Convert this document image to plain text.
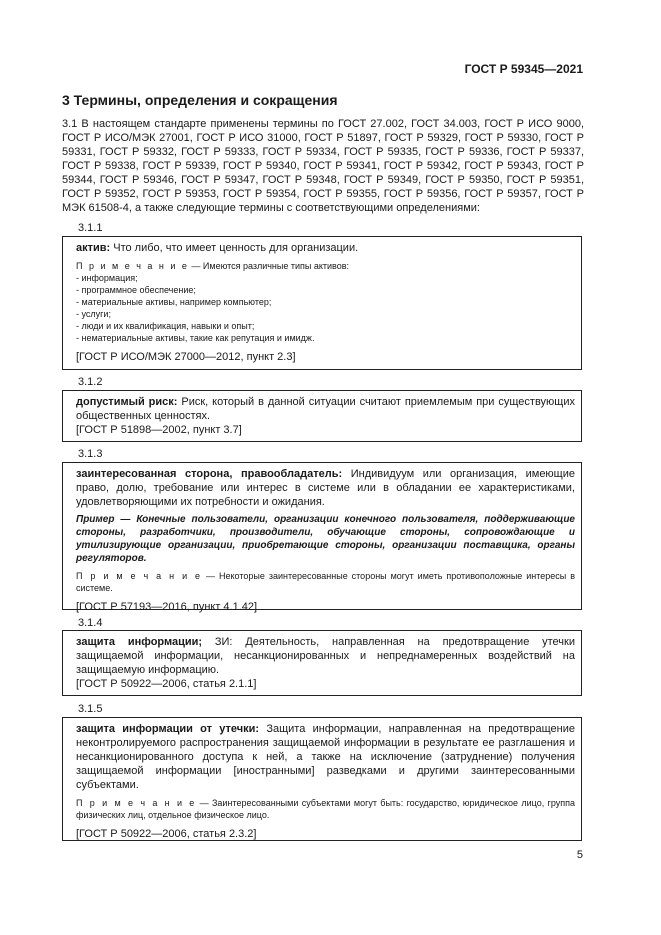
ГОСТ Р 59345—2021
3 Термины, определения и сокращения

3.1 В настоящем стандарте применены термины по ГОСТ 27.002, ГОСТ 34.003, ГОСТ Р ИСО 9000, ГОСТ Р ИСО/МЭК 27001, ГОСТ Р ИСО 31000, ГОСТ Р 51897, ГОСТ Р 59329, ГОСТ Р 59330, ГОСТ Р 59331, ГОСТ Р 59332, ГОСТ Р 59333, ГОСТ Р 59334, ГОСТ Р 59335, ГОСТ Р 59336, ГОСТ Р 59337, ГОСТ Р 59338, ГОСТ Р 59339, ГОСТ Р 59340, ГОСТ Р 59341, ГОСТ Р 59342, ГОСТ Р 59343, ГОСТ Р 59344, ГОСТ Р 59346, ГОСТ Р 59347, ГОСТ Р 59348, ГОСТ Р 59349, ГОСТ Р 59350, ГОСТ Р 59351, ГОСТ Р 59352, ГОСТ Р 59353, ГОСТ Р 59354, ГОСТ Р 59355, ГОСТ Р 59356, ГОСТ Р 59357, ГОСТ Р МЭК 61508-4, а также следующие термины с соответствующими определениями:

3.1.1

актив: Что либо, что имеет ценность для организации.

П р и м е ч а н и е — Имеются различные типы активов:

- информация;
- программное обеспечение;
- материальные активы, например компьютер;
- услуги;
- люди и их квалификация, навыки и опыт;
- нематериальные активы, такие как репутация и имидж.

[ГОСТ Р ИСО/МЭК 27000—2012, пункт 2.3]

3.1.2

допустимый риск: Риск, который в данной ситуации считают приемлемым при существующих общественных ценностях.

[ГОСТ Р 51898—2002, пункт 3.7]

3.1.3

заинтересованная сторона, правообладатель: Индивидуум или организация, имеющие право, долю, требование или интерес в системе или в обладании ее характеристиками, удовлетворяющими их потребности и ожидания.

Пример — Конечные пользователи, организации конечного пользователя, поддерживающие стороны, разработчики, производители, обучающие стороны, сопровождающие и утилизирующие организации, приобретающие стороны, организации поставщика, органы регуляторов.

П р и м е ч а н и е — Некоторые заинтересованные стороны могут иметь противоположные интересы в системе.

[ГОСТ Р 57193—2016, пункт 4.1.42]

3.1.4

защита информации; ЗИ: Деятельность, направленная на предотвращение утечки защищаемой информации, несанкционированных и непреднамеренных воздействий на защищаемую информацию.

[ГОСТ Р 50922—2006, статья 2.1.1]

3.1.5

защита информации от утечки: Защита информации, направленная на предотвращение неконтролируемого распространения защищаемой информации в результате ее разглашения и несанкционированного доступа к ней, а также на исключение (затруднение) получения защищаемой информации [иностранными] разведками и другими заинтересованными субъектами.

П р и м е ч а н и е — Заинтересованными субъектами могут быть: государство, юридическое лицо, группа физических лиц, отдельное физическое лицо.

[ГОСТ Р 50922—2006, статья 2.3.2]

5
